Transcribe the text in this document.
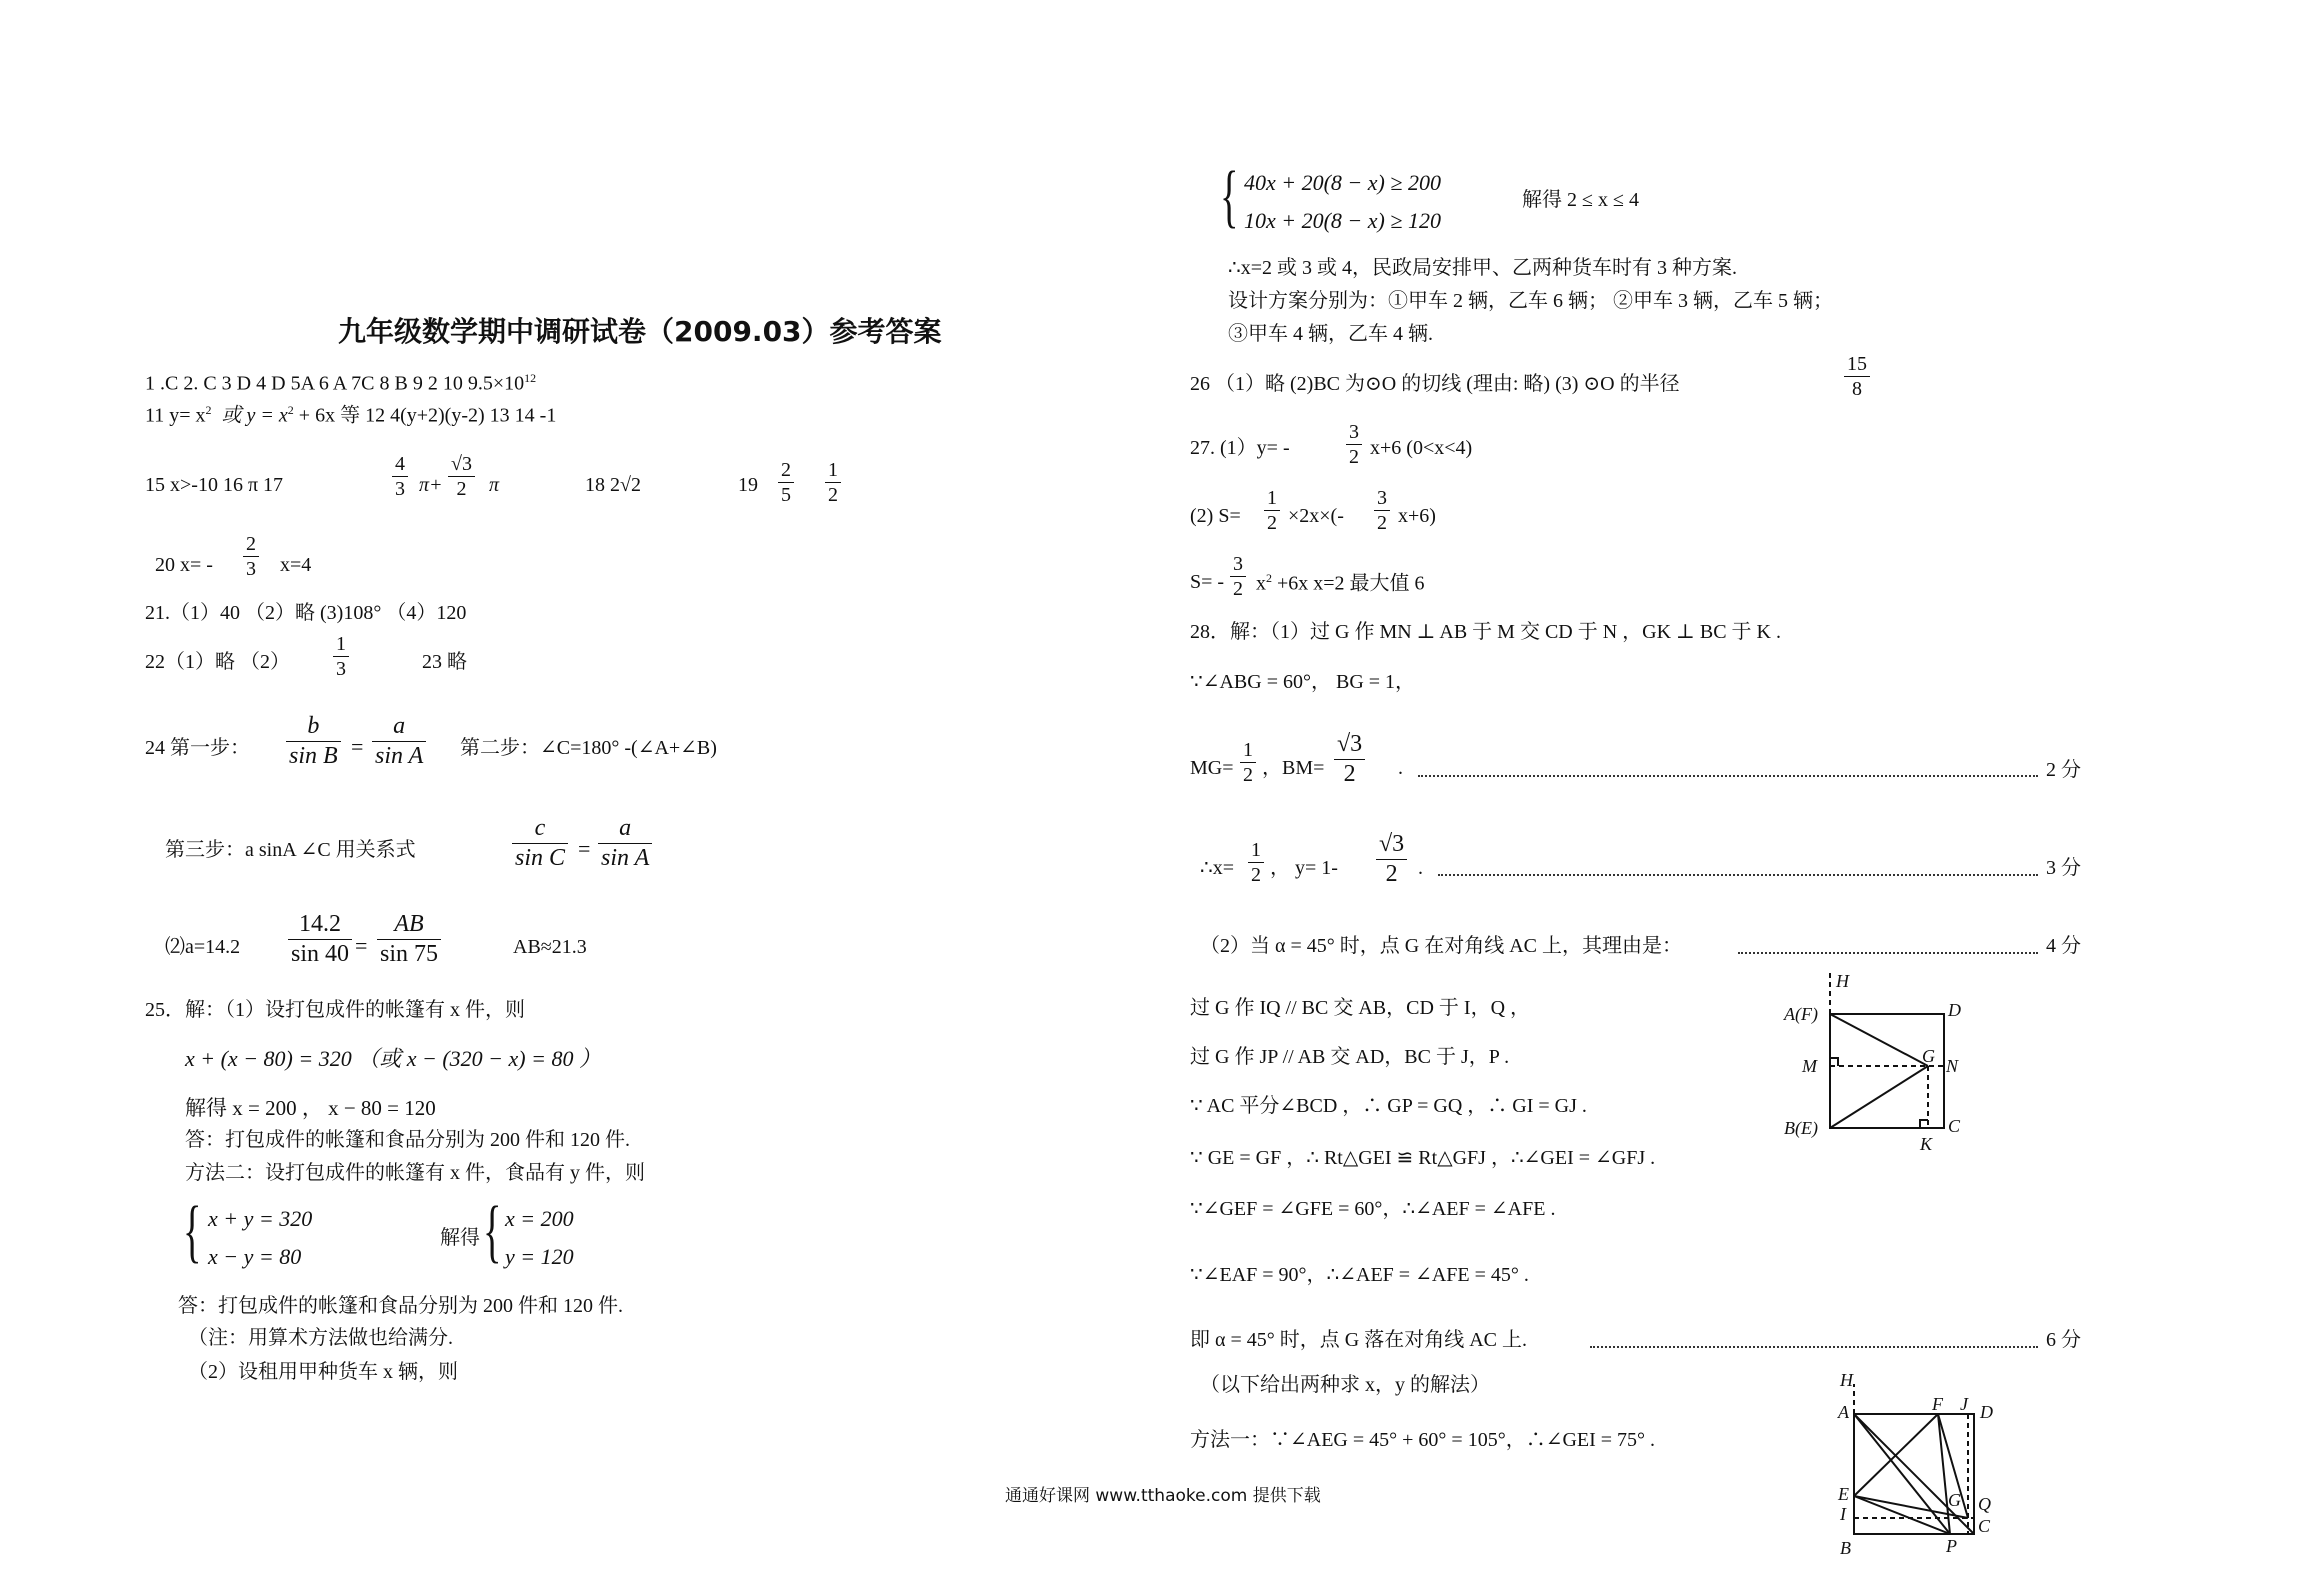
九年级数学期中调研试卷（2009.03）参考答案
1 .C 2. C 3 D 4 D 5A 6 A 7C 8 B 9 2 10 $9.5\times 10^{12}$
11 $y= x^2$ 或 $y = x^2 + 6x$ 等 12 4(y+2)(y-2) 13 14 -1
15 x>-10 16 π 17	$\frac{4}{3} \pi+ \frac{√3}{2}$ π	18 2√2	$19 \frac{2}{5} \frac{1}{2}$
20 $x= - \frac{2}{3} x=4$
21.（1）40 （2）略 (3)108° （4）120
22（1）略 $(2) \frac{1}{3}$	23 略
24 第一步： $\frac{b}{\text{sin B}} = \frac{a}{\text{sin A}}$ 第二步：∠C=180° -(∠A+∠B)
第三步：a sinA ∠C 用关系式	$\frac{c}{\text{sin C}} = \frac{a}{\text{sin A}}$
⑵a=14.2 $\frac{14.2}{\sin 40} = \frac{AB}{\sin 75}$	AB≈21.3
25．解：（1）设打包成件的帐篷有 x 件，则
x + (x − 80) = 320 （或 x − (320 − x) = 80 ）
解得 x = 200 ， x − 80 = 120
答：打包成件的帐篷和食品分别为 200 件和 120 件.
方法二：设打包成件的帐篷有 x 件，食品有 y 件，则
{ x + y = 320
x − y = 80
解得 { x = 200
y = 120
答：打包成件的帐篷和食品分别为 200 件和 120 件.
（注：用算术方法做也给满分.
（2）设租用甲种货车 x 辆，则
{ 40x + 20(8 − x) ≥ 200
10x + 20(8 − x) ≥ 120
解得 2 ≤ x ≤ 4
∴x=2 或 3 或 4，民政局安排甲、乙两种货车时有 3 种方案.
设计方案分别为：①甲车 2 辆，乙车 6 辆； ②甲车 3 辆，乙车 5 辆；
③甲车 4 辆，乙车 4 辆.
26 （1）略 (2)BC 为⊙O 的切线 (理由: 略) (3) ⊙O 的半径	$\frac{15}{8}$
27. (1）y= -	$\frac{3}{2} x+6$ (0<x<4)
(2) $S= \frac{1}{2} \times 2x\times(- \frac{3}{2} x+6)$
$S= - \frac{3}{2} x^2 +6x$ x=2 最大值 6
28．解：（1）过 G 作 MN ⊥ AB 于 M 交 CD 于 N ，GK ⊥ BC 于 K .
∵∠ABG = 60°， BG = 1，
$MG= \frac{1}{2}$ ，$BM= \frac{√3}{2}$ .	2 分
∴x= $\frac{1}{2}$ ， $y= 1- \frac{√3}{2}$ .	3 分
（2）当 α = 45° 时，点 G 在对角线 AC 上，其理由是：	4 分
过 G 作 IQ // BC 交 AB，CD 于 I，Q ，
过 G 作 JP // AB 交 AD，BC 于 J，P .
∵ AC 平分∠BCD ，∴ GP = GQ ，∴ GI = GJ .
∵ GE = GF ，∴ Rt△GEI ≌ Rt△GFJ ，∴∠GEI = ∠GFJ .
∵∠GEF = ∠GFE = 60°，∴∠AEF = ∠AFE .
∵∠EAF = 90°，∴∠AEF = ∠AFE = 45° .
即 α = 45° 时，点 G 落在对角线 AC 上.	6 分
（以下给出两种求 x，y 的解法）
方法一：∵∠AEG = 45° + 60° = 105°，∴∠GEI = 75° .
H
A(F)	D
M	G N
B(E)	C
K
H
A	F J D
E	G Q
I
C
B	P
通通好课网 www.tthaoke.com 提供下载
